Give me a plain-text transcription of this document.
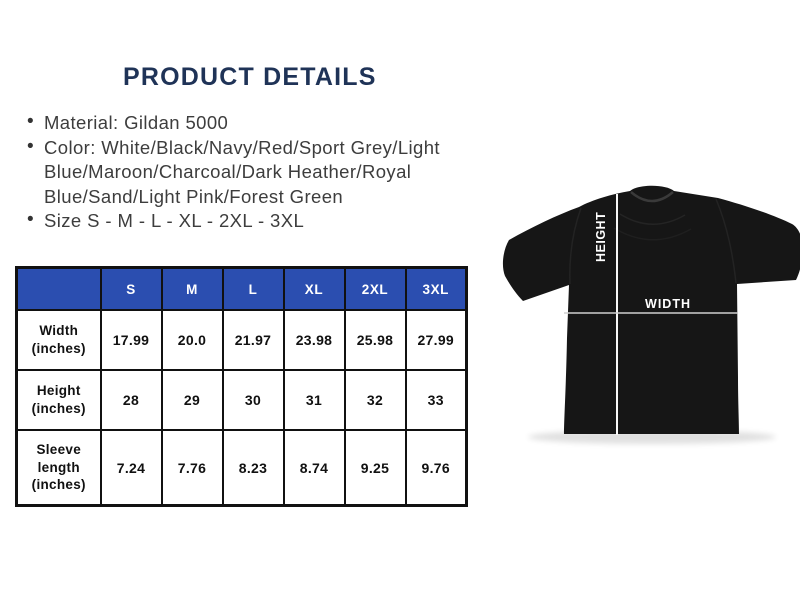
PRODUCT DETAILS
• Material: Gildan 5000
• Color: White/Black/Navy/Red/Sport Grey/Light
Blue/Maroon/Charcoal/Dark Heather/Royal
Blue/Sand/Light Pink/Forest Green
• Size S - M - L - XL - 2XL - 3XL
	S	M	L	XL	2XL	3XL
Width (inches)	17.99	20.0	21.97	23.98	25.98	27.99
Height (inches)	28	29	30	31	32	33
Sleeve length (inches)	7.24	7.76	8.23	8.74	9.25	9.76
HEIGHT
WIDTH
